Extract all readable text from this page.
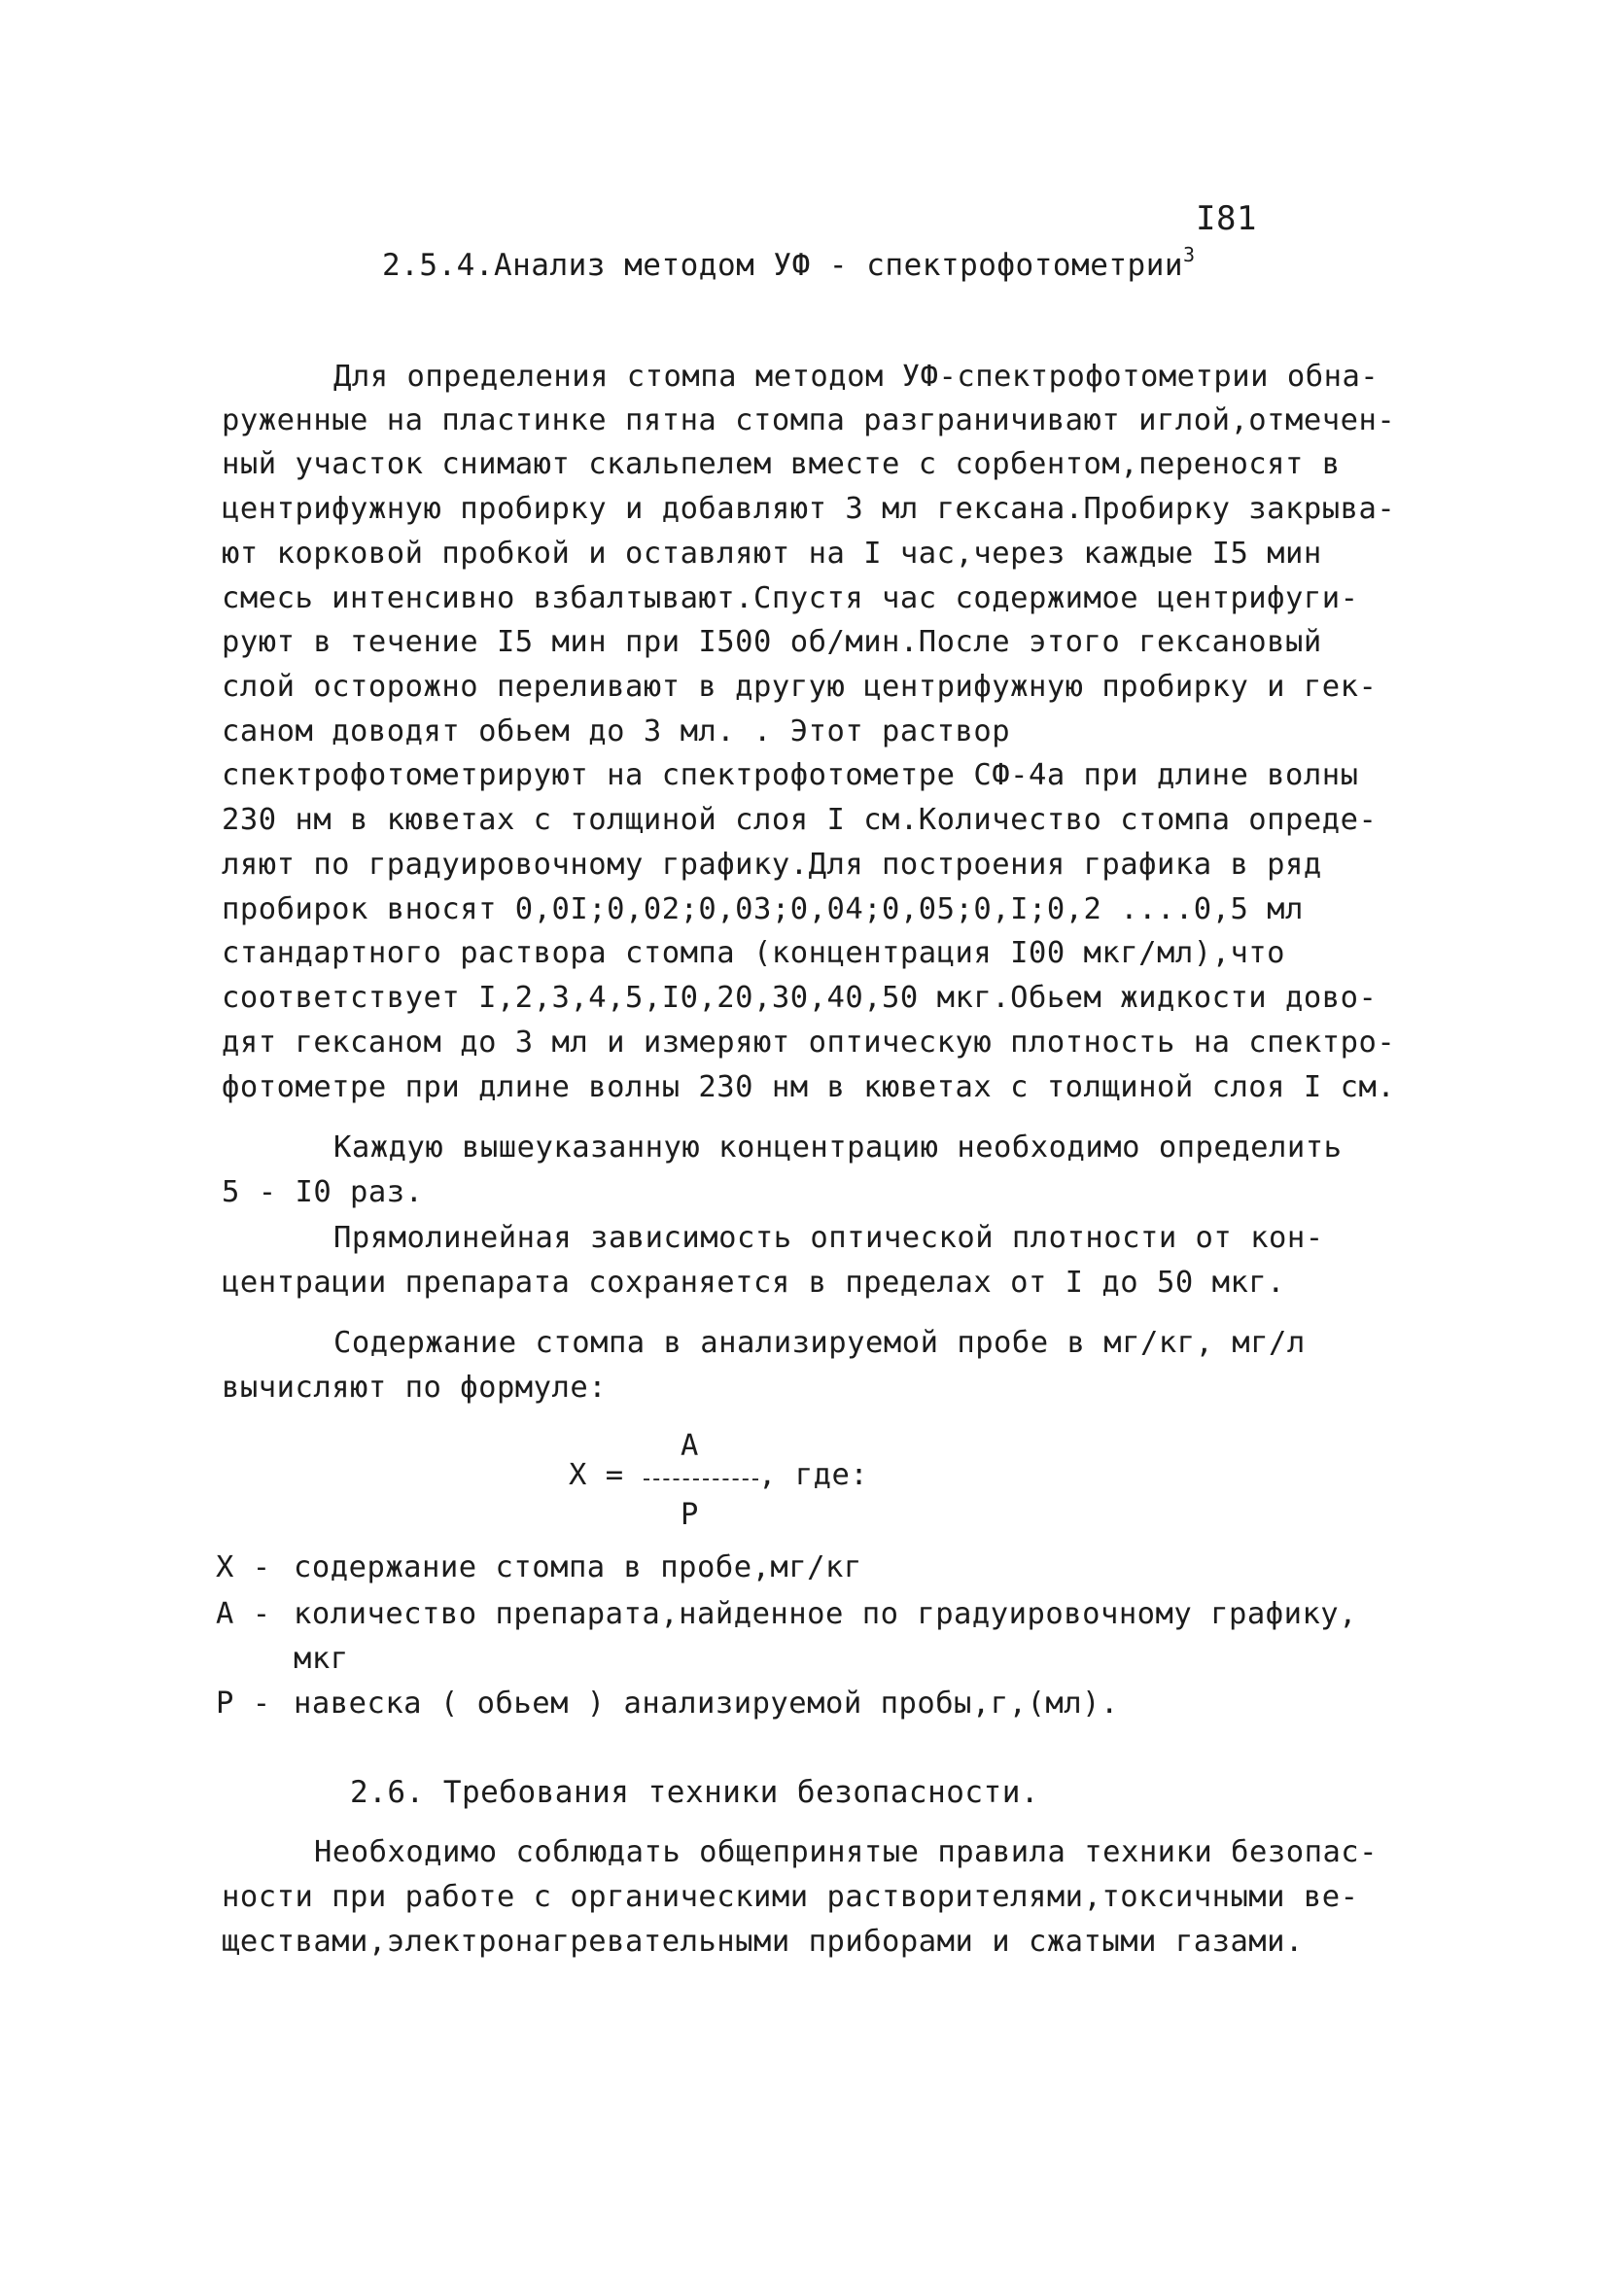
I81
2.5.4.Анализ методом УФ - спектрофотометрии$^3$
Для определения стомпа методом УФ-спектрофотометрии обна-
руженные на пластинке пятна стомпа разграничивают иглой,отмечен-
ный участок снимают скальпелем вместе с сорбентом,переносят в
центрифужную пробирку и добавляют 3 мл гексана.Пробирку закрыва-
ют корковой пробкой и оставляют на I час,через каждые I5 мин
смесь интенсивно взбалтывают.Спустя час содержимое центрифуги-
руют в течение I5 мин при I500 об/мин.После этого гексановый
слой осторожно переливают в другую центрифужную пробирку и гек-
саном доводят обьем до 3 мл. . Этот раствор
спектрофотометрируют на спектрофотометре СФ-4а при длине волны
230 нм в кюветах с толщиной слоя I см.Количество стомпа опреде-
ляют по градуировочному графику.Для построения графика в ряд
пробирок вносят 0,0I;0,02;0,03;0,04;0,05;0,I;0,2 ....0,5 мл
стандартного раствора стомпа (концентрация I00 мкг/мл),что
соответствует I,2,3,4,5,I0,20,30,40,50 мкг.Обьем жидкости дово-
дят гексаном до 3 мл и измеряют оптическую плотность на спектро-
фотометре при длине волны 230 нм в кюветах с толщиной слоя I см.
Каждую вышеуказанную концентрацию необходимо определить
5 - I0 раз.
Прямолинейная зависимость оптической плотности от кон-
центрации препарата сохраняется в пределах от I до 50 мкг.
Содержание стомпа в анализируемой пробе в мг/кг, мг/л
вычисляют по формуле:
A
X =	, где:
P
X - содержание стомпа в пробе,мг/кг
A - количество препарата,найденное по градуировочному графику,
мкг
P - навеска ( обьем ) анализируемой пробы,г,(мл).
2.6. Требования техники безопасности.
Необходимо соблюдать общепринятые правила техники безопас-
ности при работе с органическими растворителями,токсичными ве-
ществами,электронагревательными приборами и сжатыми газами.
